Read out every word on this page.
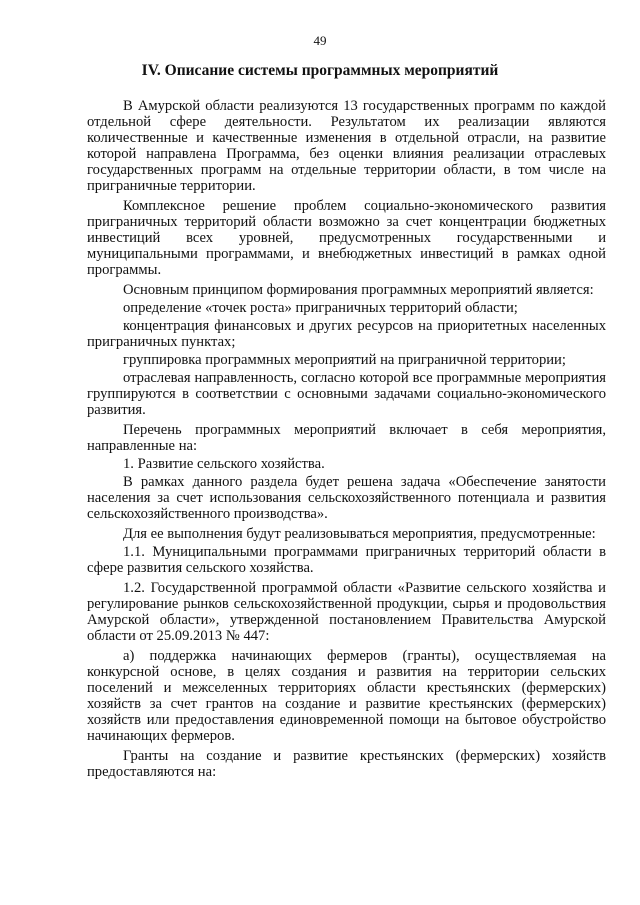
49
IV. Описание системы программных мероприятий

В Амурской области реализуются 13 государственных программ по каждой отдельной сфере деятельности. Результатом их реализации являются количественные и качественные изменения в отдельной отрасли, на развитие которой направлена Программа, без оценки влияния реализации отраслевых государственных программ на отдельные территории области, в том числе на приграничные территории.

Комплексное решение проблем социально-экономического развития приграничных территорий области возможно за счет концентрации бюджетных инвестиций всех уровней, предусмотренных государственными и муниципальными программами, и внебюджетных инвестиций в рамках одной программы.

Основным принципом формирования программных мероприятий является:

определение «точек роста» приграничных территорий области;

концентрация финансовых и других ресурсов на приоритетных населенных приграничных пунктах;

группировка программных мероприятий на приграничной территории;

отраслевая направленность, согласно которой все программные мероприятия группируются в соответствии с основными задачами социально-экономического развития.

Перечень программных мероприятий включает в себя мероприятия, направленные на:

1. Развитие сельского хозяйства.

В рамках данного раздела будет решена задача «Обеспечение занятости населения за счет использования сельскохозяйственного потенциала и развития сельскохозяйственного производства».

Для ее выполнения будут реализовываться мероприятия, предусмотренные:

1.1. Муниципальными программами приграничных территорий области в сфере развития сельского хозяйства.

1.2. Государственной программой области «Развитие сельского хозяйства и регулирование рынков сельскохозяйственной продукции, сырья и продовольствия Амурской области», утвержденной постановлением Правительства Амурской области от 25.09.2013 № 447:

а) поддержка начинающих фермеров (гранты), осуществляемая на конкурсной основе, в целях создания и развития на территории сельских поселений и межселенных территориях области крестьянских (фермерских) хозяйств за счет грантов на создание и развитие крестьянских (фермерских) хозяйств или предоставления единовременной помощи на бытовое обустройство начинающих фермеров.

Гранты на создание и развитие крестьянских (фермерских) хозяйств предоставляются на:
